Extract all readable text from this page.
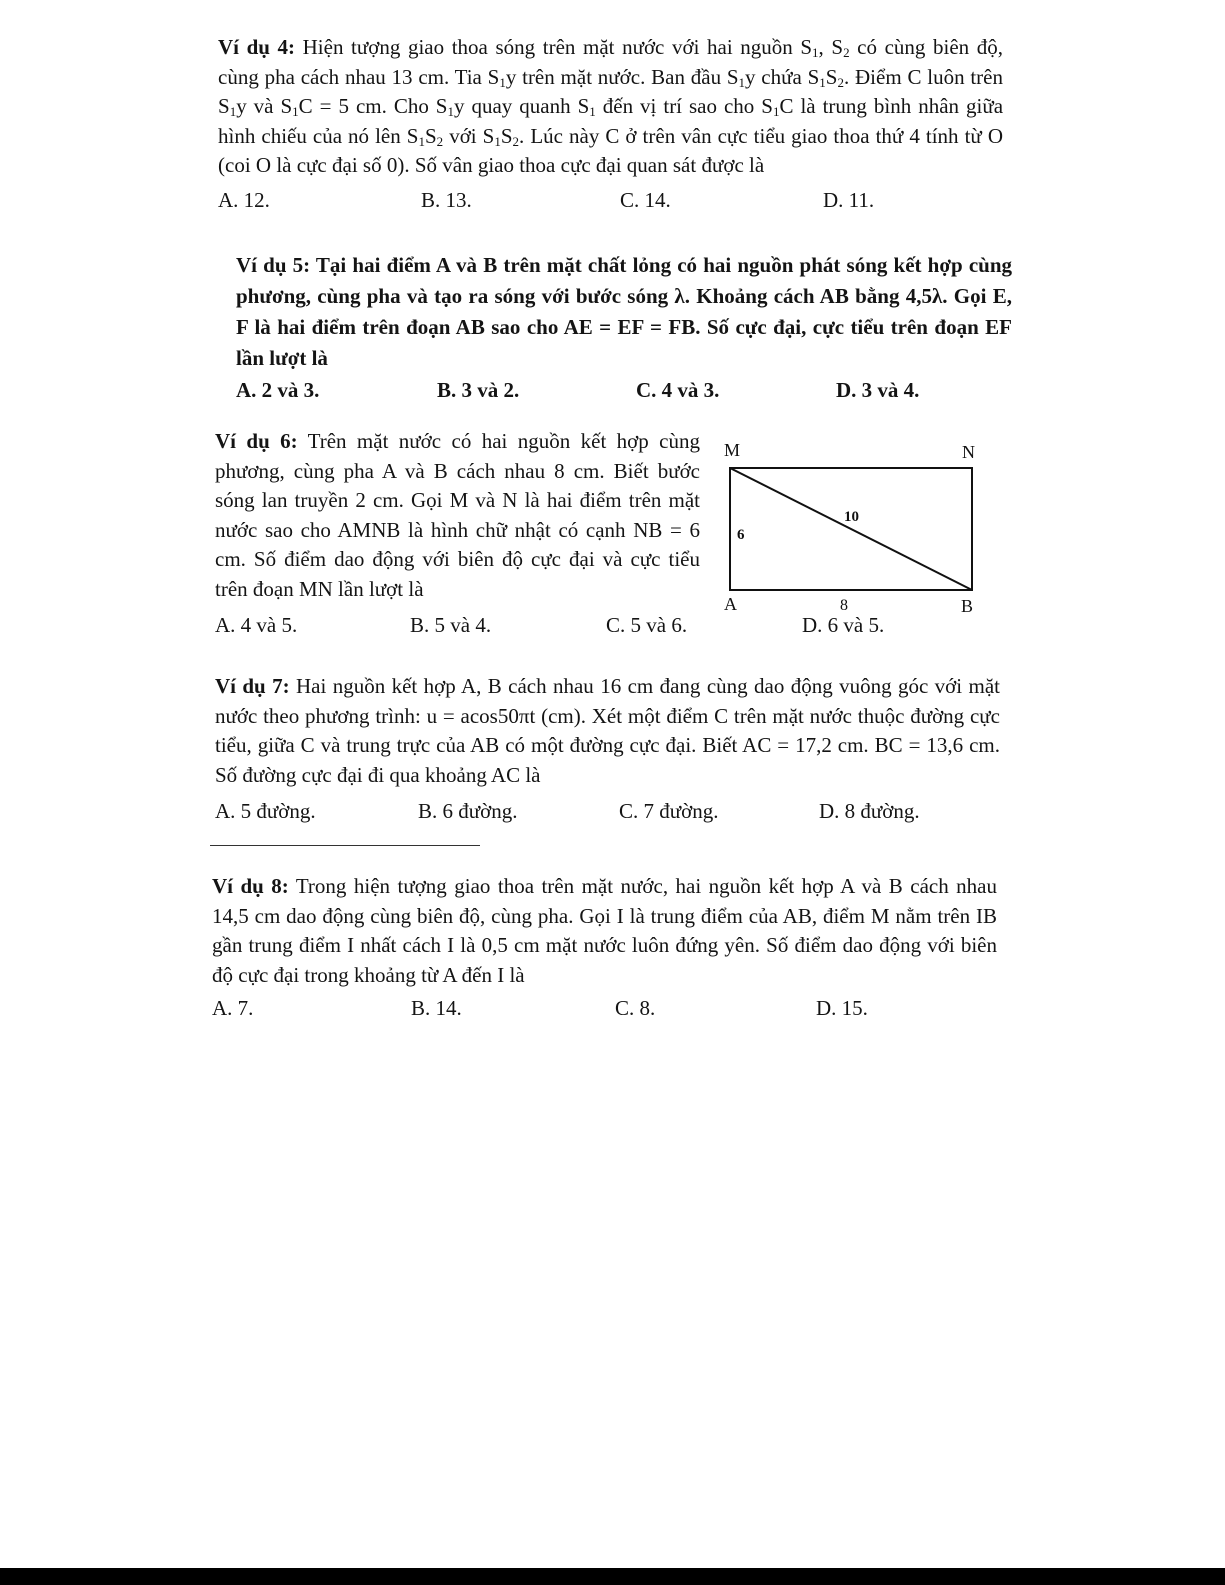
Ví dụ 4: Hiện tượng giao thoa sóng trên mặt nước với hai nguồn $S_1$, $S_2$ có cùng biên độ, cùng pha cách nhau 13 cm. Tia $S_1y$ trên mặt nước. Ban đầu $S_1y$ chứa $S_1S_2$. Điểm C luôn trên $S_1y$ và $S_1C = 5$ cm. Cho $S_1y$ quay quanh $S_1$ đến vị trí sao cho $S_1C$ là trung bình nhân giữa hình chiếu của nó lên $S_1S_2$ với $S_1S_2$. Lúc này C ở trên vân cực tiểu giao thoa thứ 4 tính từ O (coi O là cực đại số 0). Số vân giao thoa cực đại quan sát được là

A. 12.	B. 13.	C. 14.	D. 11.

Ví dụ 5: Tại hai điểm A và B trên mặt chất lỏng có hai nguồn phát sóng kết hợp cùng phương, cùng pha và tạo ra sóng với bước sóng λ. Khoảng cách AB bằng 4,5λ. Gọi E, F là hai điểm trên đoạn AB sao cho AE = EF = FB. Số cực đại, cực tiểu trên đoạn EF lần lượt là

A. 2 và 3.	B. 3 và 2.	C. 4 và 3.	D. 3 và 4.

Ví dụ 6: Trên mặt nước có hai nguồn kết hợp cùng phương, cùng pha A và B cách nhau 8 cm. Biết bước sóng lan truyền 2 cm. Gọi M và N là hai điểm trên mặt nước sao cho AMNB là hình chữ nhật có cạnh NB = 6 cm. Số điểm dao động với biên độ cực đại và cực tiểu trên đoạn MN lần lượt là

M	N
A	B
6
10
8
A. 4 và 5.	B. 5 và 4.	C. 5 và 6.	D. 6 và 5.

Ví dụ 7: Hai nguồn kết hợp A, B cách nhau 16 cm đang cùng dao động vuông góc với mặt nước theo phương trình: u = acos50πt (cm). Xét một điểm C trên mặt nước thuộc đường cực tiểu, giữa C và trung trực của AB có một đường cực đại. Biết AC = 17,2 cm. BC = 13,6 cm. Số đường cực đại đi qua khoảng AC là

A. 5 đường.	B. 6 đường.	C. 7 đường.	D. 8 đường.

Ví dụ 8: Trong hiện tượng giao thoa trên mặt nước, hai nguồn kết hợp A và B cách nhau 14,5 cm dao động cùng biên độ, cùng pha. Gọi I là trung điểm của AB, điểm M nằm trên IB gần trung điểm I nhất cách I là 0,5 cm mặt nước luôn đứng yên. Số điểm dao động với biên độ cực đại trong khoảng từ A đến I là

A. 7.	B. 14.	C. 8.	D. 15.
